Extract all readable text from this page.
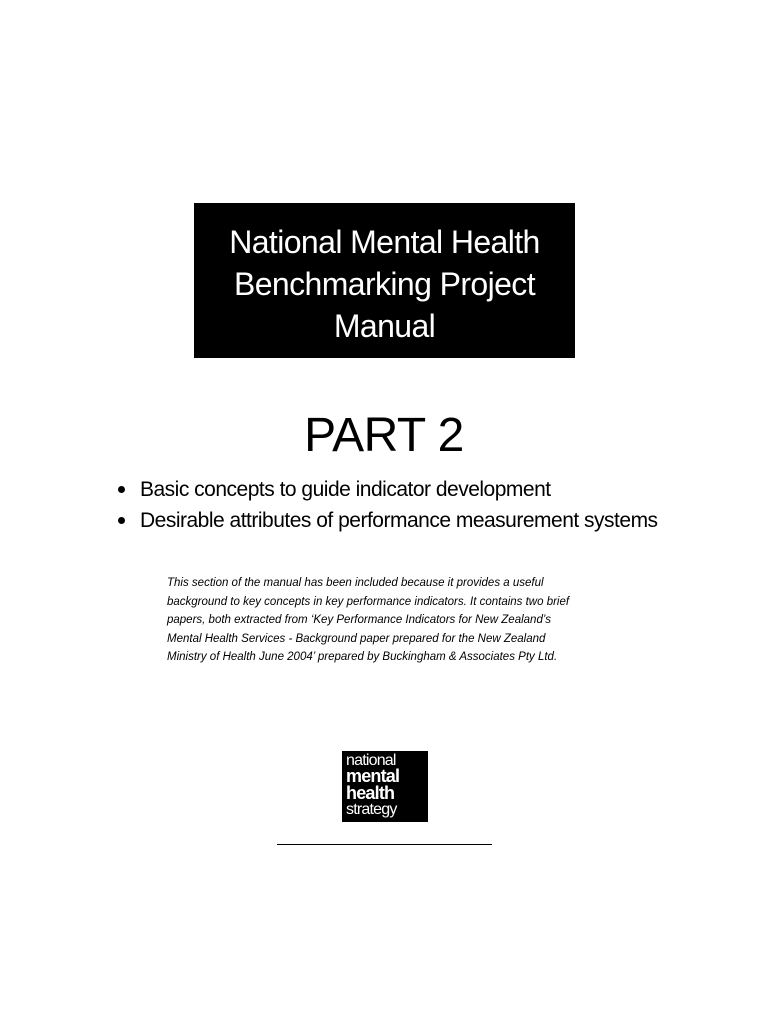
National Mental Health
Benchmarking Project
Manual
PART 2
Basic concepts to guide indicator development
Desirable attributes of performance measurement systems
This section of the manual has been included because it provides a useful
background to key concepts in key performance indicators. It contains two brief
papers, both extracted from ‘Key Performance Indicators for New Zealand’s
Mental Health Services - Background paper prepared for the New Zealand
Ministry of Health June 2004’ prepared by Buckingham & Associates Pty Ltd.
national
mental
health
strategy
